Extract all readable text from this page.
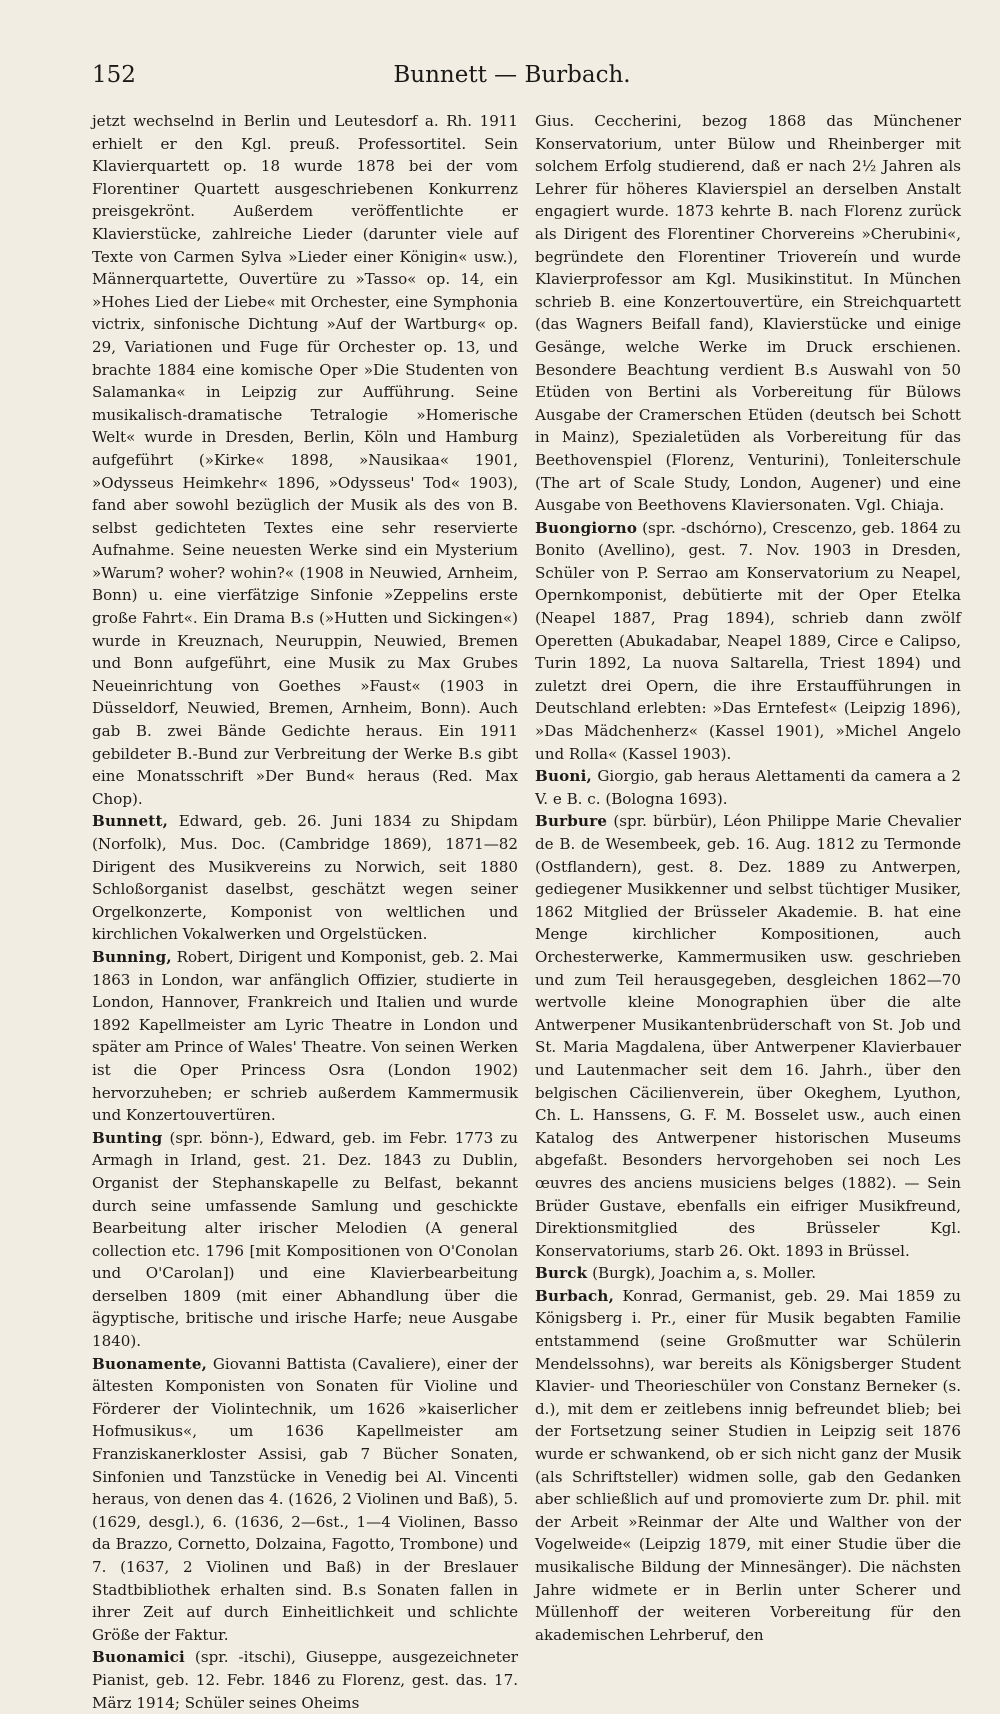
152	Bunnett — Burbach.

jetzt wechselnd in Berlin und Leutesdorf a. Rh. 1911 erhielt er den Kgl. preuß. Professortitel. Sein Klavierquartett op. 18 wurde 1878 bei der vom Florentiner Quartett ausgeschriebenen Konkurrenz preisgekrönt. Außerdem veröffentlichte er Klavierstücke, zahlreiche Lieder (darunter viele auf Texte von Carmen Sylva »Lieder einer Königin« usw.), Männerquartette, Ouvertüre zu »Tasso« op. 14, ein »Hohes Lied der Liebe« mit Orchester, eine Symphonia victrix, sinfonische Dichtung »Auf der Wartburg« op. 29, Variationen und Fuge für Orchester op. 13, und brachte 1884 eine komische Oper »Die Studenten von Salamanka« in Leipzig zur Aufführung. Seine musikalisch-dramatische Tetralogie »Homerische Welt« wurde in Dresden, Berlin, Köln und Hamburg aufgeführt (»Kirke« 1898, »Nausikaa« 1901, »Odysseus Heimkehr« 1896, »Odysseus' Tod« 1903), fand aber sowohl bezüglich der Musik als des von B. selbst gedichteten Textes eine sehr reservierte Aufnahme. Seine neuesten Werke sind ein Mysterium »Warum? woher? wohin?« (1908 in Neuwied, Arnheim, Bonn) u. eine vierfätzige Sinfonie »Zeppelins erste große Fahrt«. Ein Drama B.s (»Hutten und Sickingen«) wurde in Kreuznach, Neuruppin, Neuwied, Bremen und Bonn aufgeführt, eine Musik zu Max Grubes Neueinrichtung von Goethes »Faust« (1903 in Düsseldorf, Neuwied, Bremen, Arnheim, Bonn). Auch gab B. zwei Bände Gedichte heraus. Ein 1911 gebildeter B.-Bund zur Verbreitung der Werke B.s gibt eine Monatsschrift »Der Bund« heraus (Red. Max Chop).

Bunnett, Edward, geb. 26. Juni 1834 zu Shipdam (Norfolk), Mus. Doc. (Cambridge 1869), 1871—82 Dirigent des Musikvereins zu Norwich, seit 1880 Schloßorganist daselbst, geschätzt wegen seiner Orgelkonzerte, Komponist von weltlichen und kirchlichen Vokalwerken und Orgelstücken.

Bunning, Robert, Dirigent und Komponist, geb. 2. Mai 1863 in London, war anfänglich Offizier, studierte in London, Hannover, Frankreich und Italien und wurde 1892 Kapellmeister am Lyric Theatre in London und später am Prince of Wales' Theatre. Von seinen Werken ist die Oper Princess Osra (London 1902) hervorzuheben; er schrieb außerdem Kammermusik und Konzertouvertüren.

Bunting (spr. bönn-), Edward, geb. im Febr. 1773 zu Armagh in Irland, gest. 21. Dez. 1843 zu Dublin, Organist der Stephanskapelle zu Belfast, bekannt durch seine umfassende Samlung und geschickte Bearbeitung alter irischer Melodien (A general collection etc. 1796 [mit Kompositionen von O'Conolan und O'Carolan]) und eine Klavierbearbeitung derselben 1809 (mit einer Abhandlung über die ägyptische, britische und irische Harfe; neue Ausgabe 1840).

Buonamente, Giovanni Battista (Cavaliere), einer der ältesten Komponisten von Sonaten für Violine und Förderer der Violintechnik, um 1626 »kaiserlicher Hofmusikus«, um 1636 Kapellmeister am Franziskanerkloster Assisi, gab 7 Bücher Sonaten, Sinfonien und Tanzstücke in Venedig bei Al. Vincenti heraus, von denen das 4. (1626, 2 Violinen und Baß), 5. (1629, desgl.), 6. (1636, 2—6st., 1—4 Violinen, Basso da Brazzo, Cornetto, Dolzaina, Fagotto, Trombone) und 7. (1637, 2 Violinen und Baß) in der Breslauer Stadtbibliothek erhalten sind. B.s Sonaten fallen in ihrer Zeit auf durch Einheitlichkeit und schlichte Größe der Faktur.

Buonamici (spr. -itschi), Giuseppe, ausgezeichneter Pianist, geb. 12. Febr. 1846 zu Florenz, gest. das. 17. März 1914; Schüler seines Oheims

Gius. Ceccherini, bezog 1868 das Münchener Konservatorium, unter Bülow und Rheinberger mit solchem Erfolg studierend, daß er nach 2½ Jahren als Lehrer für höheres Klavierspiel an derselben Anstalt engagiert wurde. 1873 kehrte B. nach Florenz zurück als Dirigent des Florentiner Chorvereins »Cherubini«, begründete den Florentiner Triovereín und wurde Klavierprofessor am Kgl. Musikinstitut. In München schrieb B. eine Konzertouvertüre, ein Streichquartett (das Wagners Beifall fand), Klavierstücke und einige Gesänge, welche Werke im Druck erschienen. Besondere Beachtung verdient B.s Auswahl von 50 Etüden von Bertini als Vorbereitung für Bülows Ausgabe der Cramerschen Etüden (deutsch bei Schott in Mainz), Spezialetüden als Vorbereitung für das Beethovenspiel (Florenz, Venturini), Tonleiterschule (The art of Scale Study, London, Augener) und eine Ausgabe von Beethovens Klaviersonaten. Vgl. Chiaja.

Buongiorno (spr. -dschórno), Crescenzo, geb. 1864 zu Bonito (Avellino), gest. 7. Nov. 1903 in Dresden, Schüler von P. Serrao am Konservatorium zu Neapel, Opernkomponist, debütierte mit der Oper Etelka (Neapel 1887, Prag 1894), schrieb dann zwölf Operetten (Abukadabar, Neapel 1889, Circe e Calipso, Turin 1892, La nuova Saltarella, Triest 1894) und zuletzt drei Opern, die ihre Erstaufführungen in Deutschland erlebten: »Das Erntefest« (Leipzig 1896), »Das Mädchenherz« (Kassel 1901), »Michel Angelo und Rolla« (Kassel 1903).

Buoni, Giorgio, gab heraus Alettamenti da camera a 2 V. e B. c. (Bologna 1693).

Burbure (spr. bürbür), Léon Philippe Marie Chevalier de B. de Wesembeek, geb. 16. Aug. 1812 zu Termonde (Ostflandern), gest. 8. Dez. 1889 zu Antwerpen, gediegener Musikkenner und selbst tüchtiger Musiker, 1862 Mitglied der Brüsseler Akademie. B. hat eine Menge kirchlicher Kompositionen, auch Orchesterwerke, Kammermusiken usw. geschrieben und zum Teil herausgegeben, desgleichen 1862—70 wertvolle kleine Monographien über die alte Antwerpener Musikantenbrüderschaft von St. Job und St. Maria Magdalena, über Antwerpener Klavierbauer und Lautenmacher seit dem 16. Jahrh., über den belgischen Cäcilienverein, über Okeghem, Lyuthon, Ch. L. Hanssens, G. F. M. Bosselet usw., auch einen Katalog des Antwerpener historischen Museums abgefaßt. Besonders hervorgehoben sei noch Les œuvres des anciens musiciens belges (1882). — Sein Brüder Gustave, ebenfalls ein eifriger Musikfreund, Direktionsmitglied des Brüsseler Kgl. Konservatoriums, starb 26. Okt. 1893 in Brüssel.

Burck (Burgk), Joachim a, s. Moller.

Burbach, Konrad, Germanist, geb. 29. Mai 1859 zu Königsberg i. Pr., einer für Musik begabten Familie entstammend (seine Großmutter war Schülerin Mendelssohns), war bereits als Königsberger Student Klavier- und Theorieschüler von Constanz Berneker (s. d.), mit dem er zeitlebens innig befreundet blieb; bei der Fortsetzung seiner Studien in Leipzig seit 1876 wurde er schwankend, ob er sich nicht ganz der Musik (als Schriftsteller) widmen solle, gab den Gedanken aber schließlich auf und promovierte zum Dr. phil. mit der Arbeit »Reinmar der Alte und Walther von der Vogelweide« (Leipzig 1879, mit einer Studie über die musikalische Bildung der Minnesänger). Die nächsten Jahre widmete er in Berlin unter Scherer und Müllenhoff der weiteren Vorbereitung für den akademischen Lehrberuf, den
